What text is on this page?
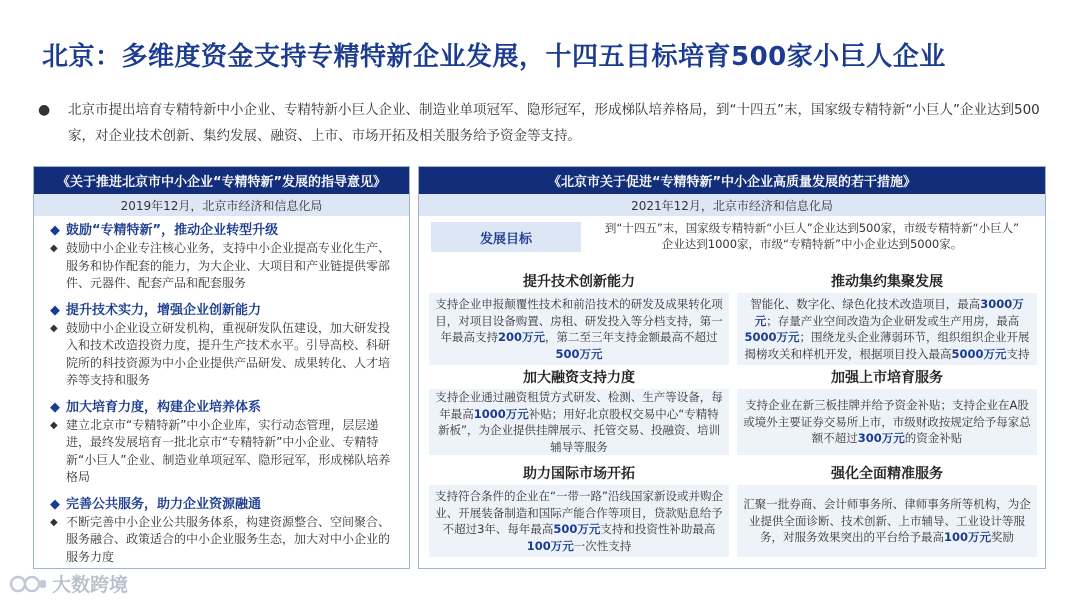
北京：多维度资金支持专精特新企业发展，十四五目标培育500家小巨人企业
●	北京市提出培育专精特新中小企业、专精特新小巨人企业、制造业单项冠军、隐形冠军，形成梯队培养格局，到“十四五”末，国家级专精特新“小巨人”企业达到500家，对企业技术创新、集约发展、融资、上市、市场开拓及相关服务给予资金等支持。

《关于推进北京市中小企业“专精特新”发展的指导意见》
2019年12月，北京市经济和信息化局
◆ 鼓励“专精特新”，推动企业转型升级
◆ 鼓励中小企业专注核心业务，支持中小企业提高专业化生产、服务和协作配套的能力，为大企业、大项目和产业链提供零部件、元器件、配套产品和配套服务
◆ 提升技术实力，增强企业创新能力
◆ 鼓励中小企业设立研发机构，重视研发队伍建设，加大研发投入和技术改造投资力度，提升生产技术水平。引导高校、科研院所的科技资源为中小企业提供产品研发、成果转化、人才培养等支持和服务
◆ 加大培育力度，构建企业培养体系
◆ 建立北京市“专精特新”中小企业库，实行动态管理，层层递进，最终发展培育一批北京市“专精特新”中小企业、专精特新“小巨人”企业、制造业单项冠军、隐形冠军，形成梯队培养格局
◆ 完善公共服务，助力企业资源融通
◆ 不断完善中小企业公共服务体系，构建资源整合、空间聚合、服务融合、政策适合的中小企业服务生态，加大对中小企业的服务力度
《北京市关于促进“专精特新”中小企业高质量发展的若干措施》
2021年12月，北京市经济和信息化局
发展目标
到“十四五”末，国家级专精特新“小巨人”企业达到500家，市级专精特新“小巨人”
企业达到1000家，市级“专精特新”中小企业达到5000家。
提升技术创新能力
支持企业申报颠覆性技术和前沿技术的研发及成果转化项目，对项目设备购置、房租、研发投入等分档支持，第一年最高支持200万元，第二至三年支持金额最高不超过500万元
推动集约集聚发展
智能化、数字化、绿色化技术改造项目，最高3000万元；存量产业空间改造为企业研发或生产用房，最高5000万元；围绕龙头企业薄弱环节，组织组织企业开展揭榜攻关和样机开发，根据项目投入最高5000万元支持
加大融资支持力度
支持企业通过融资租赁方式研发、检测、生产等设备，每年最高1000万元补贴；用好北京股权交易中心“专精特新板”，为企业提供挂牌展示、托管交易、投融资、培训辅导等服务
加强上市培育服务
支持企业在新三板挂牌并给予资金补贴；支持企业在A股或境外主要证券交易所上市，市级财政按规定给予每家总额不超过300万元的资金补贴
助力国际市场开拓
支持符合条件的企业在“一带一路”沿线国家新设或并购企业、开展装备制造和国际产能合作等项目，贷款贴息给予不超过3年、每年最高500万元支持和投资性补助最高100万元一次性支持
强化全面精准服务
汇聚一批券商、会计师事务所、律师事务所等机构，为企业提供全面诊断、技术创新、上市辅导、工业设计等服务，对服务效果突出的平台给予最高100万元奖励
大数跨境
